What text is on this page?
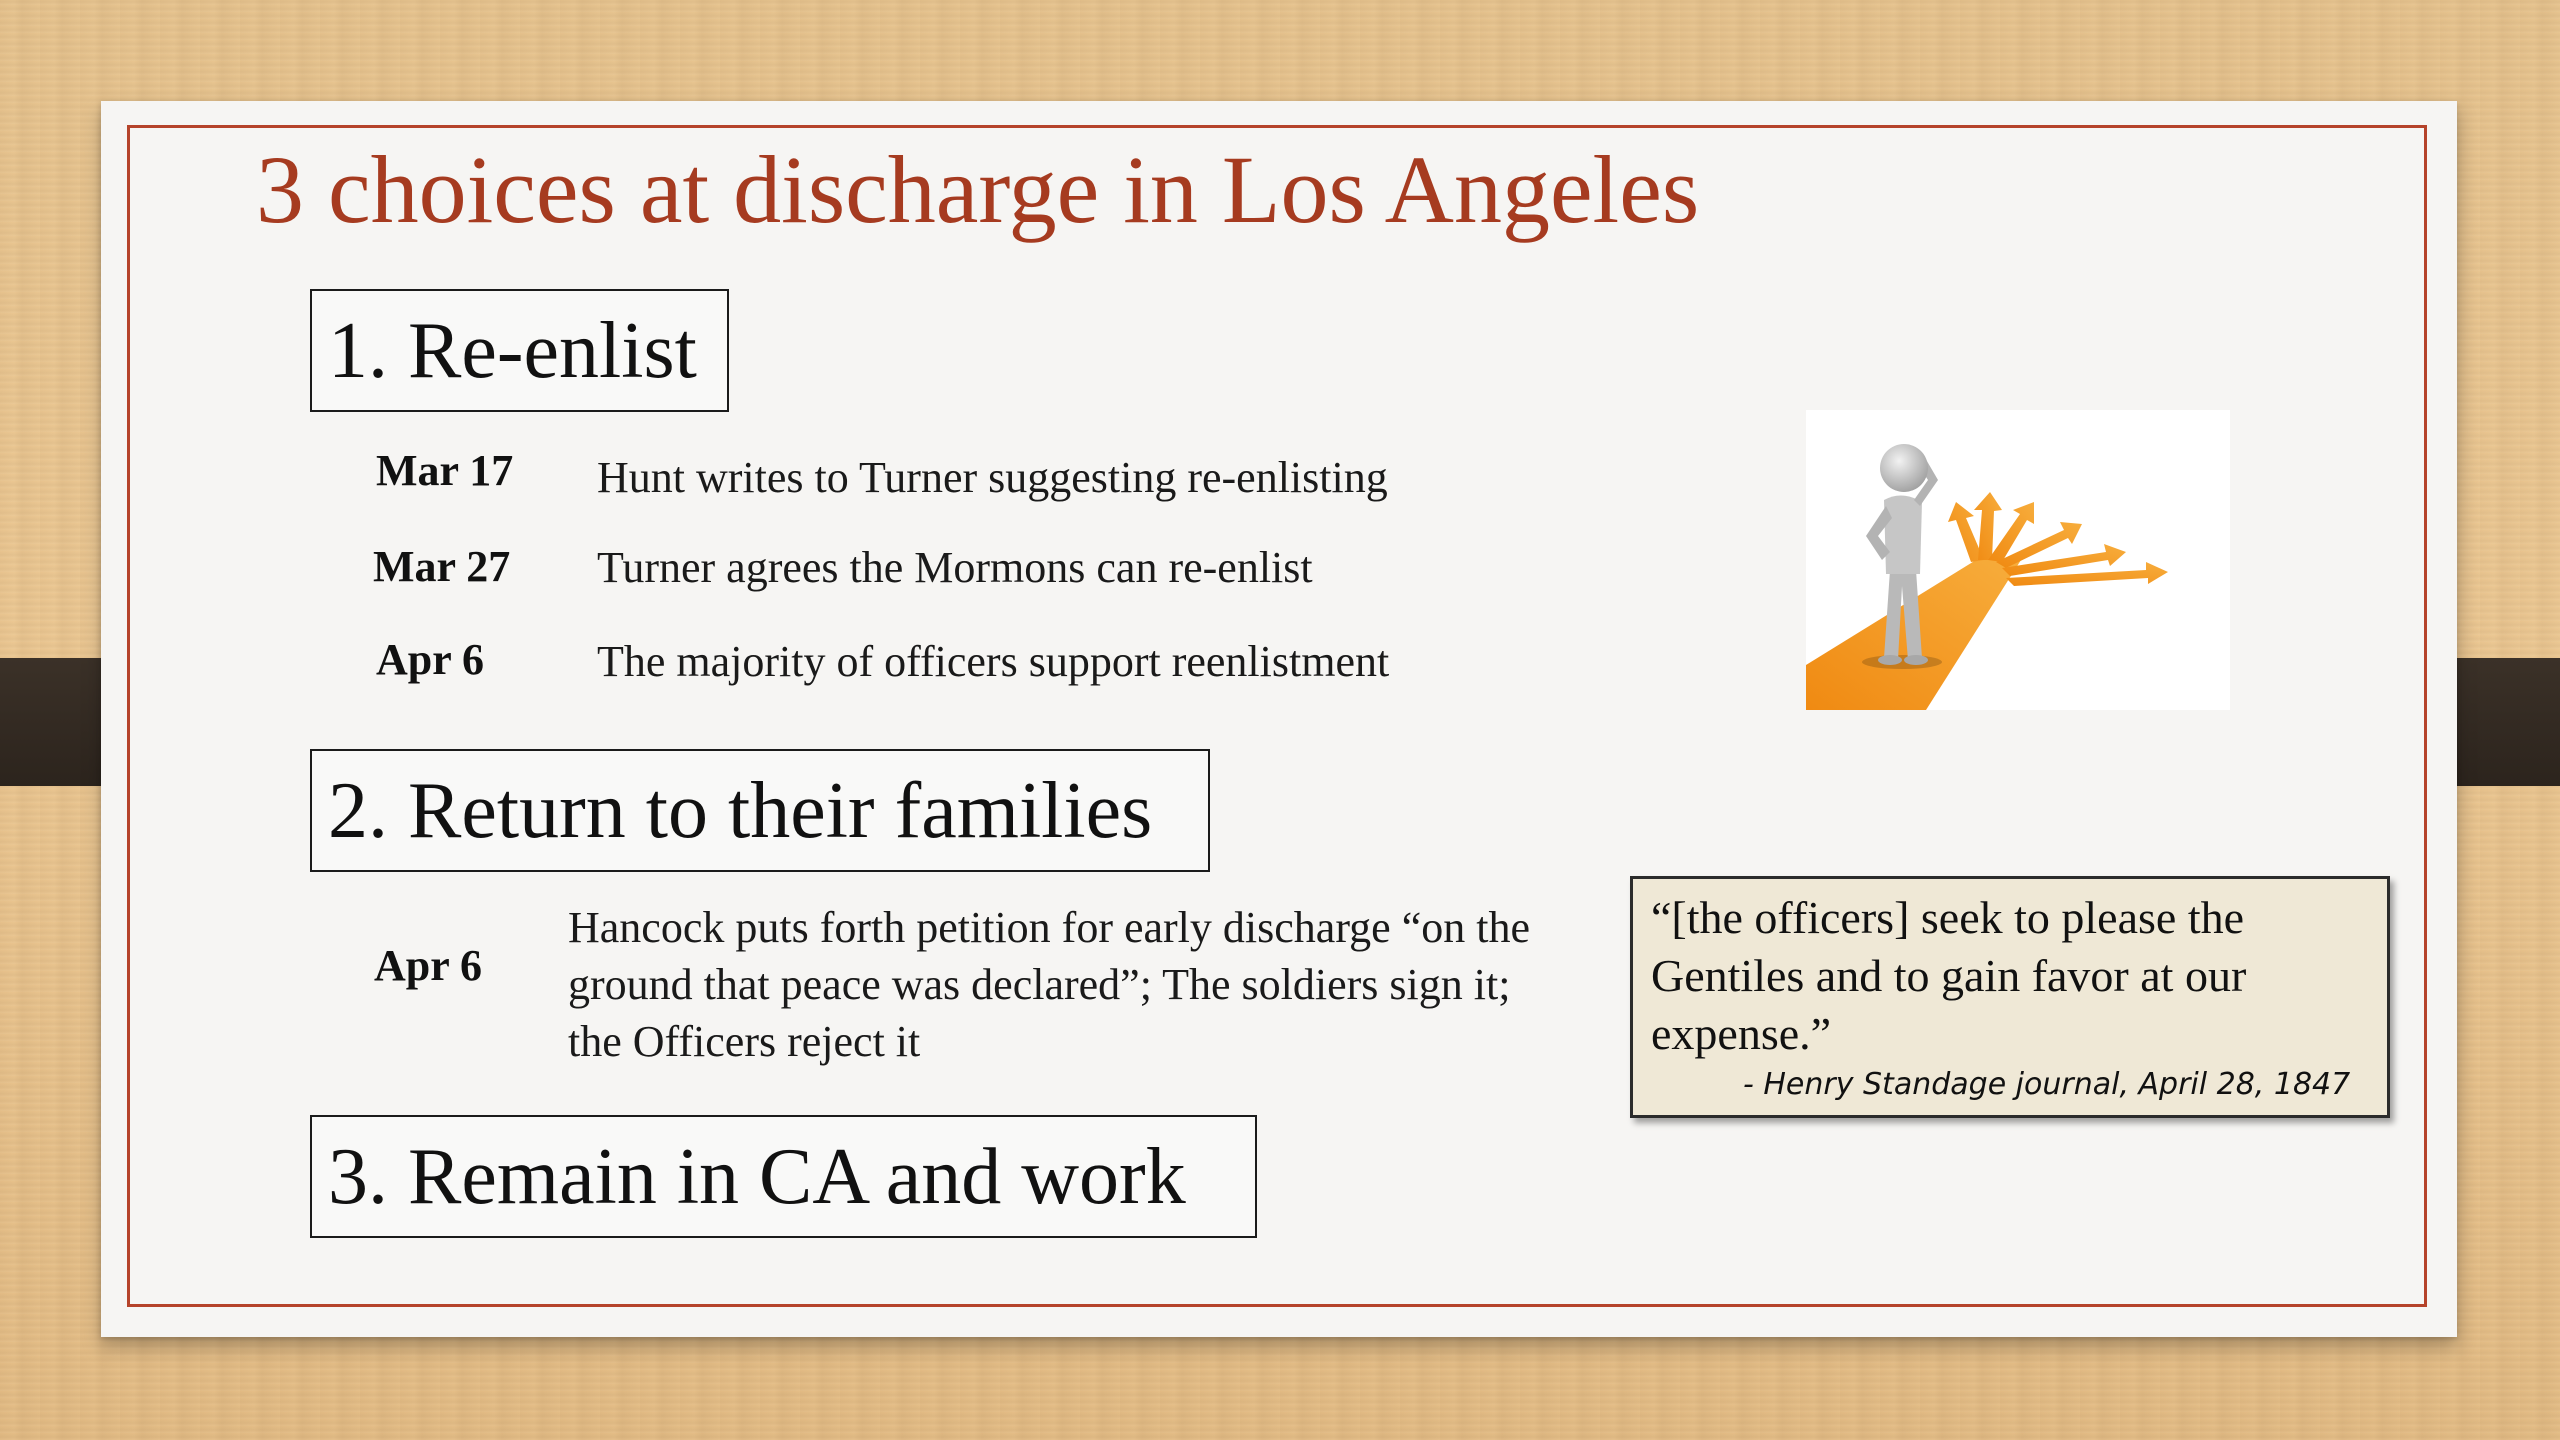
3 choices at discharge in Los Angeles
1. Re-enlist
Mar 17 Hunt writes to Turner suggesting re-enlisting
Mar 27 Turner agrees the Mormons can re-enlist
Apr 6	The majority of officers support reenlistment
2. Return to their families
Apr 6
Hancock puts forth petition for early discharge “on the ground that peace was declared”; The soldiers sign it; the Officers reject it
3. Remain in CA and work
“[the officers] seek to please the Gentiles and to gain favor at our expense.”
- Henry Standage journal, April 28, 1847
